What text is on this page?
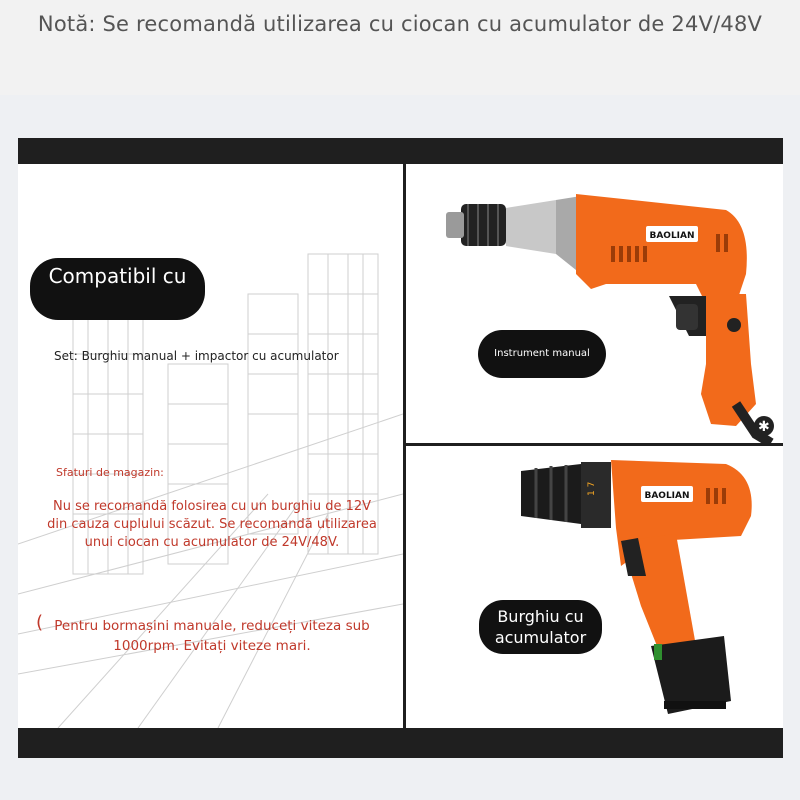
Notă: Se recomandă utilizarea cu ciocan cu acumulator de 24V/48V
Compatibil cu
Set: Burghiu manual + impactor cu acumulator
Sfaturi de magazin:
Nu se recomandă folosirea cu un burghiu de 12V din cauza cuplului scăzut. Se recomandă utilizarea unui ciocan cu acumulator de 24V/48V.
( Pentru bormașini manuale, reduceți viteza sub 1000rpm. Evitați viteze mari.
BAOLIAN
✱
Instrument manual
1 7	BAOLIAN
Burghiu cu acumulator
